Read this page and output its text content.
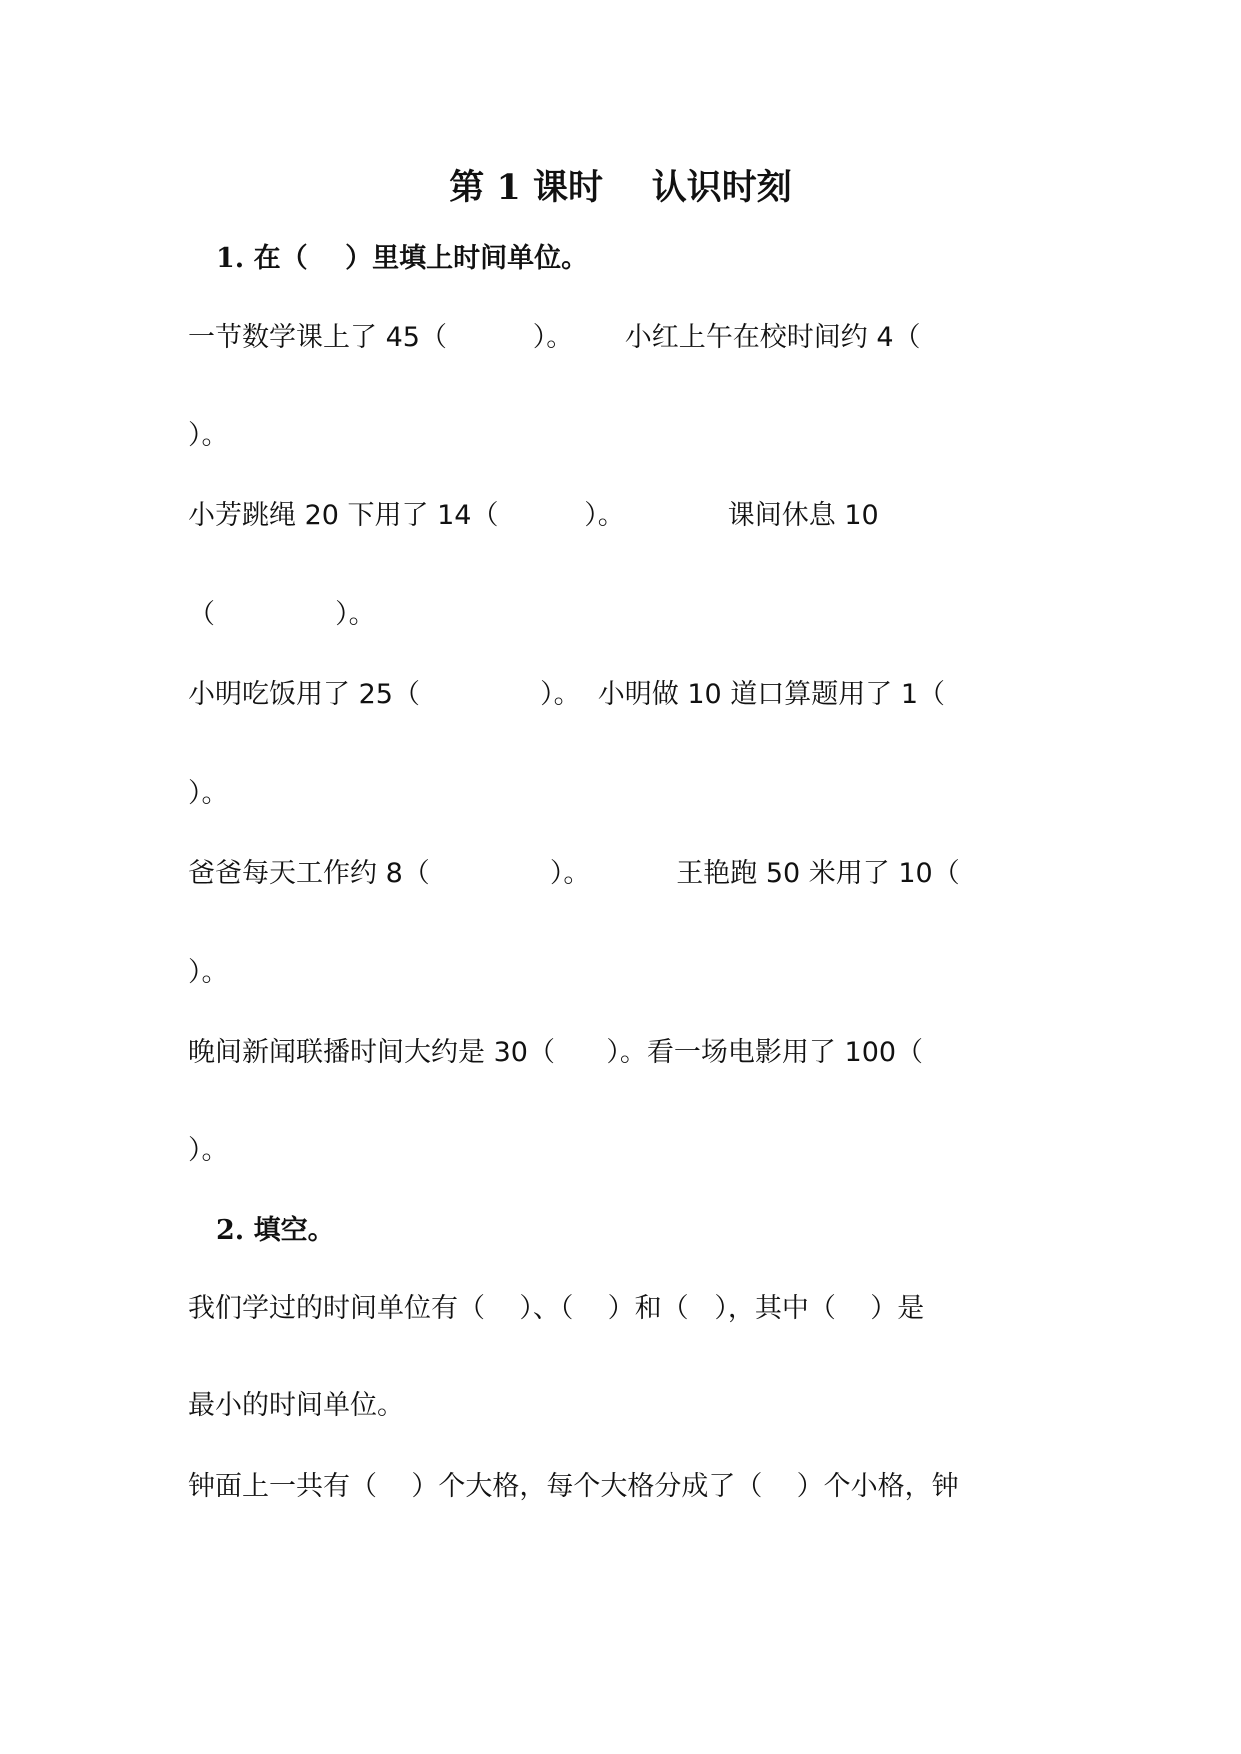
第 1 课时    认识时刻

1. 在（    ）里填上时间单位。

一节数学课上了 45（          ）。      小红上午在校时间约 4（

）。

小芳跳绳 20 下用了 14（          ）。            课间休息 10

（              ）。

小明吃饭用了 25（              ）。  小明做 10 道口算题用了 1（

）。

爸爸每天工作约 8（              ）。          王艳跑 50 米用了 10（

）。

晚间新闻联播时间大约是 30（      ）。看一场电影用了 100（

）。

2. 填空。

我们学过的时间单位有（    ）、（    ）和（   ），其中（    ）是

最小的时间单位。

钟面上一共有（    ）个大格，每个大格分成了（    ）个小格，钟
